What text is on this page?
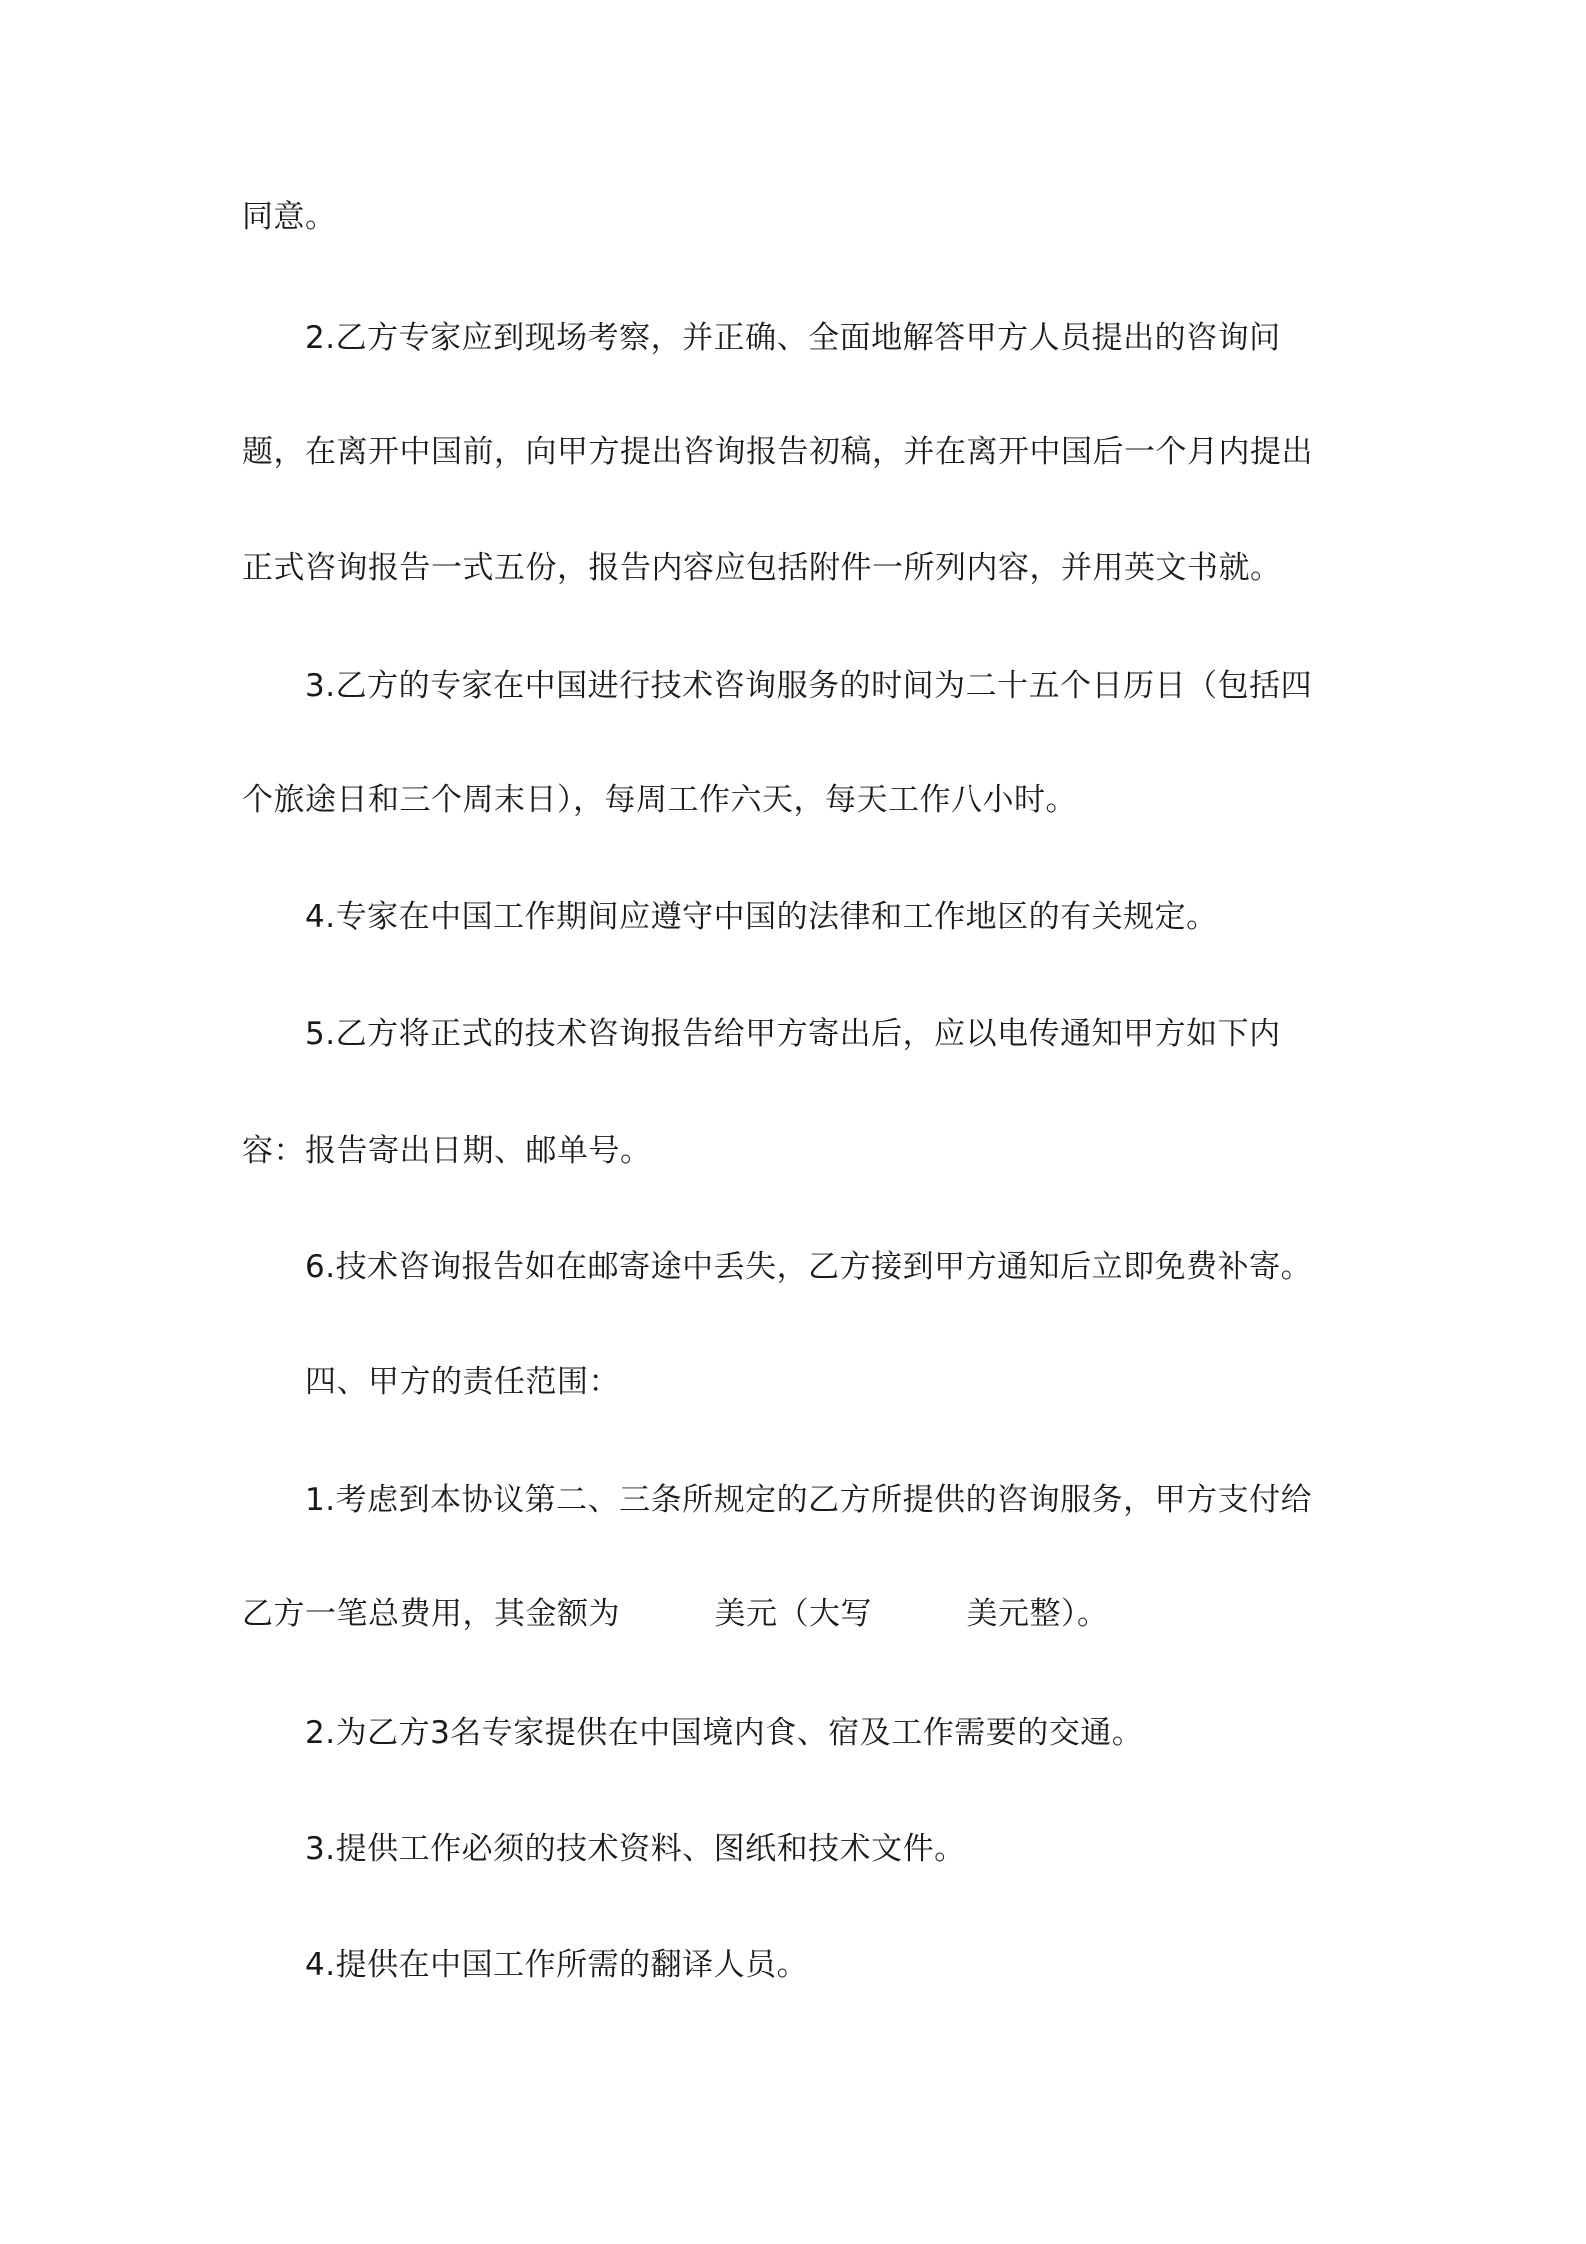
同意。
2.乙方专家应到现场考察，并正确、全面地解答甲方人员提出的咨询问
题，在离开中国前，向甲方提出咨询报告初稿，并在离开中国后一个月内提出
正式咨询报告一式五份，报告内容应包括附件一所列内容，并用英文书就。
3.乙方的专家在中国进行技术咨询服务的时间为二十五个日历日（包括四
个旅途日和三个周末日），每周工作六天，每天工作八小时。
4.专家在中国工作期间应遵守中国的法律和工作地区的有关规定。
5.乙方将正式的技术咨询报告给甲方寄出后，应以电传通知甲方如下内
容：报告寄出日期、邮单号。
6.技术咨询报告如在邮寄途中丢失，乙方接到甲方通知后立即免费补寄。
四、甲方的责任范围：
1.考虑到本协议第二、三条所规定的乙方所提供的咨询服务，甲方支付给
乙方一笔总费用，其金额为　　　美元（大写　　　美元整）。
2.为乙方3名专家提供在中国境内食、宿及工作需要的交通。
3.提供工作必须的技术资料、图纸和技术文件。
4.提供在中国工作所需的翻译人员。
